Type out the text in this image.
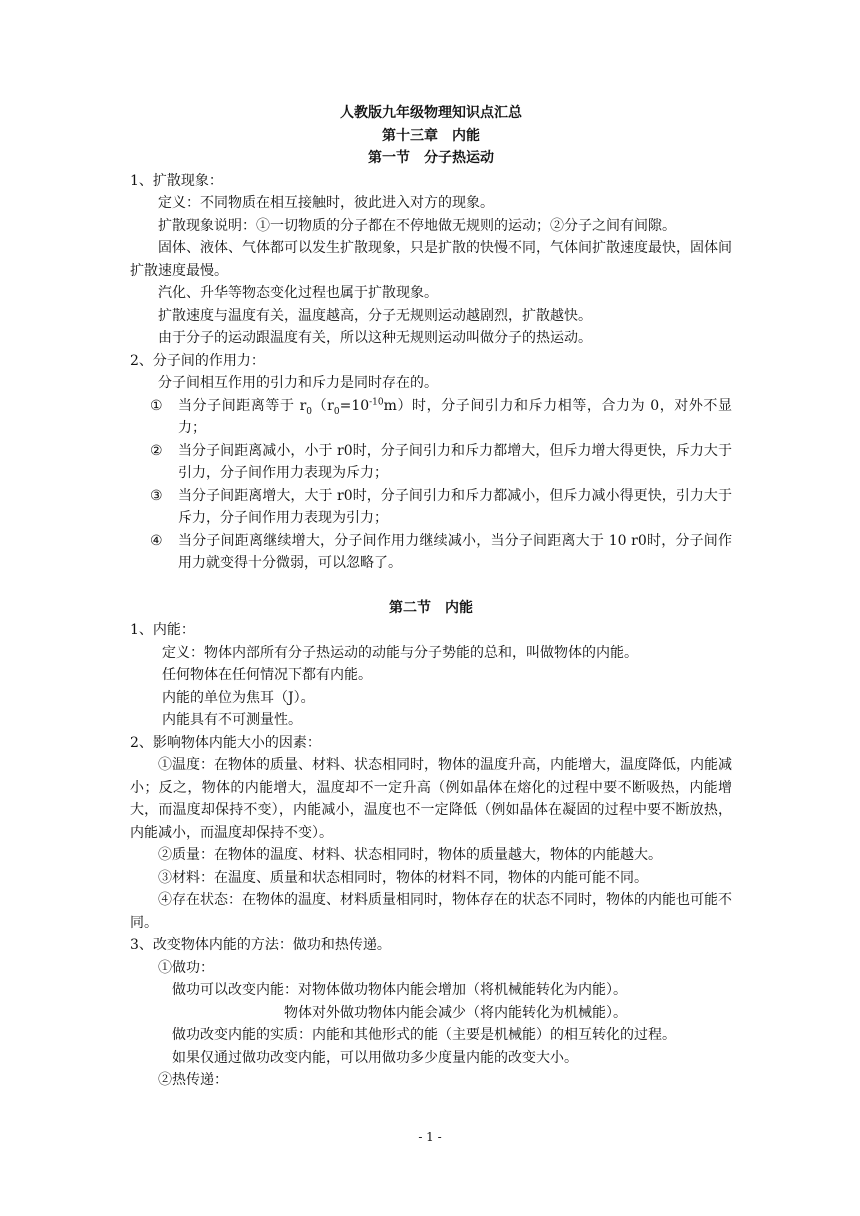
人教版九年级物理知识点汇总
第十三章　内能
第一节　分子热运动
1、扩散现象：
定义：不同物质在相互接触时，彼此进入对方的现象。
扩散现象说明：①一切物质的分子都在不停地做无规则的运动；②分子之间有间隙。
固体、液体、气体都可以发生扩散现象，只是扩散的快慢不同，气体间扩散速度最快，固体间扩散速度最慢。
汽化、升华等物态变化过程也属于扩散现象。
扩散速度与温度有关，温度越高，分子无规则运动越剧烈，扩散越快。
由于分子的运动跟温度有关，所以这种无规则运动叫做分子的热运动。
2、分子间的作用力：
分子间相互作用的引力和斥力是同时存在的。
① 当分子间距离等于 $r_0(r_0=10^{-10}m)$时，分子间引力和斥力相等，合力为 0，对外不显力；
② 当分子间距离减小，小于 r0时，分子间引力和斥力都增大，但斥力增大得更快，斥力大于引力，分子间作用力表现为斥力；
③ 当分子间距离增大，大于 r0时，分子间引力和斥力都减小，但斥力减小得更快，引力大于斥力，分子间作用力表现为引力；
④ 当分子间距离继续增大，分子间作用力继续减小，当分子间距离大于 10 r0时，分子间作用力就变得十分微弱，可以忽略了。
第二节　内能
1、内能：
定义：物体内部所有分子热运动的动能与分子势能的总和，叫做物体的内能。
任何物体在任何情况下都有内能。
内能的单位为焦耳（J）。
内能具有不可测量性。
2、影响物体内能大小的因素：
①温度：在物体的质量、材料、状态相同时，物体的温度升高，内能增大，温度降低，内能减小；反之，物体的内能增大，温度却不一定升高（例如晶体在熔化的过程中要不断吸热，内能增大，而温度却保持不变），内能减小，温度也不一定降低（例如晶体在凝固的过程中要不断放热，内能减小，而温度却保持不变）。
②质量：在物体的温度、材料、状态相同时，物体的质量越大，物体的内能越大。
③材料：在温度、质量和状态相同时，物体的材料不同，物体的内能可能不同。
④存在状态：在物体的温度、材料质量相同时，物体存在的状态不同时，物体的内能也可能不同。
3、改变物体内能的方法：做功和热传递。
①做功：
做功可以改变内能：对物体做功物体内能会增加（将机械能转化为内能）。
物体对外做功物体内能会减少（将内能转化为机械能）。
做功改变内能的实质：内能和其他形式的能（主要是机械能）的相互转化的过程。
如果仅通过做功改变内能，可以用做功多少度量内能的改变大小。
②热传递：
- 1 -
